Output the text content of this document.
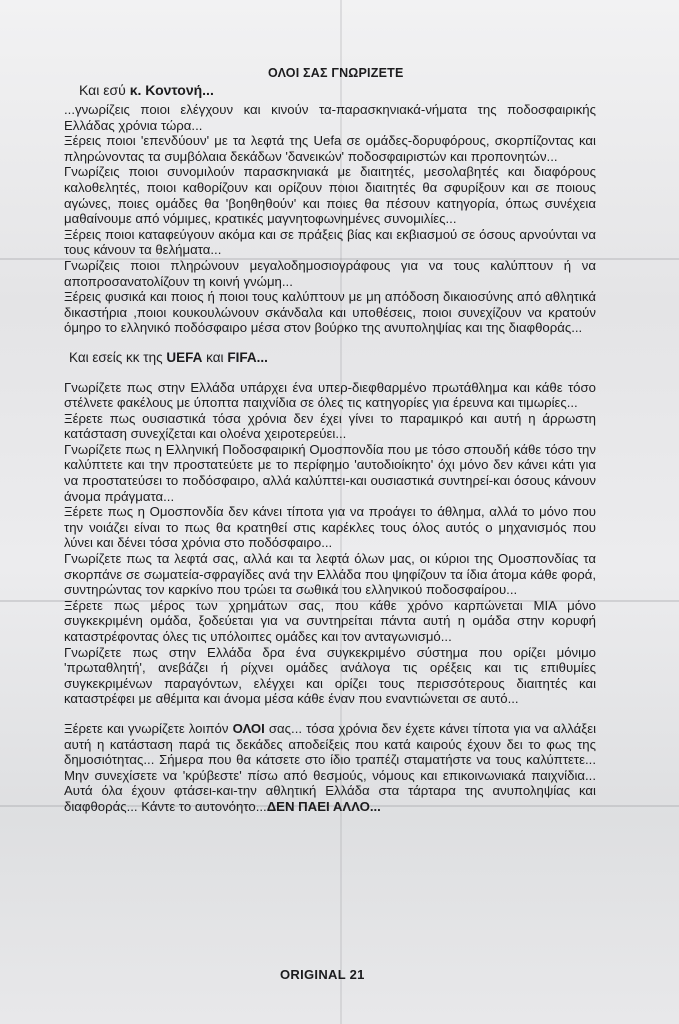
ΟΛΟΙ ΣΑΣ ΓΝΩΡΙΖΕΤΕ
Και εσύ κ. Κοντονή...

...γνωρίζεις ποιοι ελέγχουν και κινούν τα-παρασκηνιακά-νήματα της ποδοσφαιρικής Ελλάδας χρόνια τώρα...

Ξέρεις ποιοι 'επενδύουν' με τα λεφτά της Uefa σε ομάδες-δορυφόρους, σκορπίζοντας και πληρώνοντας τα συμβόλαια δεκάδων 'δανεικών' ποδοσφαιριστών και προπονητών...

Γνωρίζεις ποιοι συνομιλούν παρασκηνιακά με διαιτητές, μεσολαβητές και διαφόρους καλοθελητές, ποιοι καθορίζουν και ορίζουν ποιοι διαιτητές θα σφυρίξουν και σε ποιους αγώνες, ποιες ομάδες θα 'βοηθηθούν' και ποιες θα πέσουν κατηγορία, όπως συνέχεια μαθαίνουμε από νόμιμες, κρατικές μαγνητοφωνημένες συνομιλίες...

Ξέρεις ποιοι καταφεύγουν ακόμα και σε πράξεις βίας και εκβιασμού σε όσους αρνούνται να τους κάνουν τα θελήματα...

Γνωρίζεις ποιοι πληρώνουν μεγαλοδημοσιογράφους για να τους καλύπτουν ή να αποπροσανατολίζουν τη κοινή γνώμη...

Ξέρεις φυσικά και ποιος ή ποιοι τους καλύπτουν με μη απόδοση δικαιοσύνης από αθλητικά δικαστήρια ,ποιοι κουκουλώνουν σκάνδαλα και υποθέσεις, ποιοι συνεχίζουν να κρατούν όμηρο το ελληνικό ποδόσφαιρο μέσα στον βούρκο της ανυποληψίας και της διαφθοράς...

Και εσείς κκ της UEFA και FIFA...

Γνωρίζετε πως στην Ελλάδα υπάρχει ένα υπερ-διεφθαρμένο πρωτάθλημα και κάθε τόσο στέλνετε φακέλους με ύποπτα παιχνίδια σε όλες τις κατηγορίες για έρευνα και τιμωρίες...

Ξέρετε πως ουσιαστικά τόσα χρόνια δεν έχει γίνει το παραμικρό και αυτή η άρρωστη κατάσταση συνεχίζεται και ολοένα χειροτερεύει...

Γνωρίζετε πως η Ελληνική Ποδοσφαιρική Ομοσπονδία που με τόσο σπουδή κάθε τόσο την καλύπτετε και την προστατεύετε με το περίφημο 'αυτοδιοίκητο' όχι μόνο δεν κάνει κάτι για να προστατεύσει το ποδόσφαιρο, αλλά καλύπτει-και ουσιαστικά συντηρεί-και όσους κάνουν άνομα πράγματα...

Ξέρετε πως η Ομοσπονδία δεν κάνει τίποτα για να προάγει το άθλημα, αλλά το μόνο που την νοιάζει είναι το πως θα κρατηθεί στις καρέκλες τους όλος αυτός ο μηχανισμός που λύνει και δένει τόσα χρόνια στο ποδόσφαιρο...

Γνωρίζετε πως τα λεφτά σας, αλλά και τα λεφτά όλων μας, οι κύριοι της Ομοσπονδίας τα σκορπάνε σε σωματεία-σφραγίδες ανά την Ελλάδα που ψηφίζουν τα ίδια άτομα κάθε φορά, συντηρώντας τον καρκίνο που τρώει τα σωθικά του ελληνικού ποδοσφαίρου...

Ξέρετε πως μέρος των χρημάτων σας, που κάθε χρόνο καρπώνεται ΜΙΑ μόνο συγκεκριμένη ομάδα, ξοδεύεται για να συντηρείται πάντα αυτή η ομάδα στην κορυφή καταστρέφοντας όλες τις υπόλοιπες ομάδες και τον ανταγωνισμό...

Γνωρίζετε πως στην Ελλάδα δρα ένα συγκεκριμένο σύστημα που ορίζει μόνιμο 'πρωταθλητή', ανεβάζει ή ρίχνει ομάδες ανάλογα τις ορέξεις και τις επιθυμίες συγκεκριμένων παραγόντων, ελέγχει και ορίζει τους περισσότερους διαιτητές και καταστρέφει με αθέμιτα και άνομα μέσα κάθε έναν που εναντιώνεται σε αυτό...

Ξέρετε και γνωρίζετε λοιπόν ΟΛΟΙ σας... τόσα χρόνια δεν έχετε κάνει τίποτα για να αλλάξει αυτή η κατάσταση παρά τις δεκάδες αποδείξεις που κατά καιρούς έχουν δει το φως της δημοσιότητας... Σήμερα που θα κάτσετε στο ίδιο τραπέζι σταματήστε να τους καλύπτετε... Μην συνεχίσετε να 'κρύβεστε' πίσω από θεσμούς, νόμους και επικοινωνιακά παιχνίδια... Αυτά όλα έχουν φτάσει-και-την αθλητική Ελλάδα στα τάρταρα της ανυποληψίας και διαφθοράς... Κάντε το αυτονόητο...ΔΕΝ ΠΑΕΙ ΑΛΛΟ...

ORIGINAL 21
